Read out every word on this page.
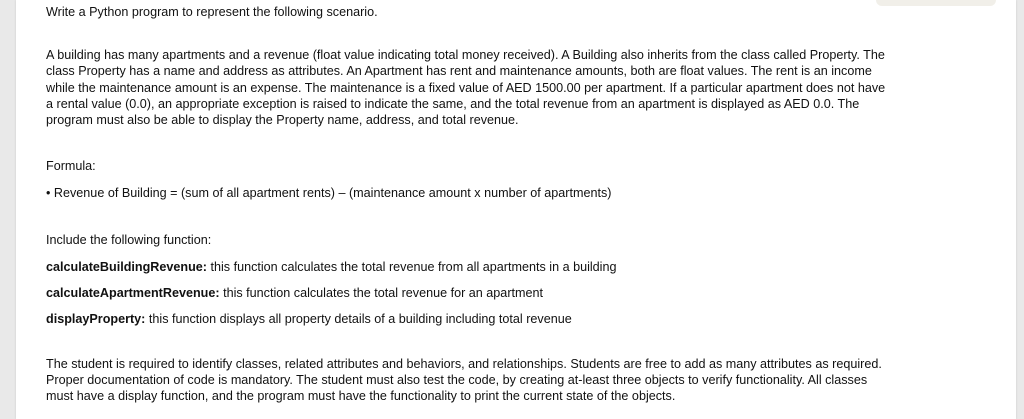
Write a Python program to represent the following scenario.

A building has many apartments and a revenue (float value indicating total money received). A Building also inherits from the class called Property. The
class Property has a name and address as attributes. An Apartment has rent and maintenance amounts, both are float values. The rent is an income
while the maintenance amount is an expense. The maintenance is a fixed value of AED 1500.00 per apartment. If a particular apartment does not have
a rental value (0.0), an appropriate exception is raised to indicate the same, and the total revenue from an apartment is displayed as AED 0.0. The
program must also be able to display the Property name, address, and total revenue.

Formula:

• Revenue of Building = (sum of all apartment rents) – (maintenance amount x number of apartments)

Include the following function:

calculateBuildingRevenue: this function calculates the total revenue from all apartments in a building

calculateApartmentRevenue: this function calculates the total revenue for an apartment

displayProperty: this function displays all property details of a building including total revenue

The student is required to identify classes, related attributes and behaviors, and relationships. Students are free to add as many attributes as required.
Proper documentation of code is mandatory. The student must also test the code, by creating at-least three objects to verify functionality. All classes
must have a display function, and the program must have the functionality to print the current state of the objects.
